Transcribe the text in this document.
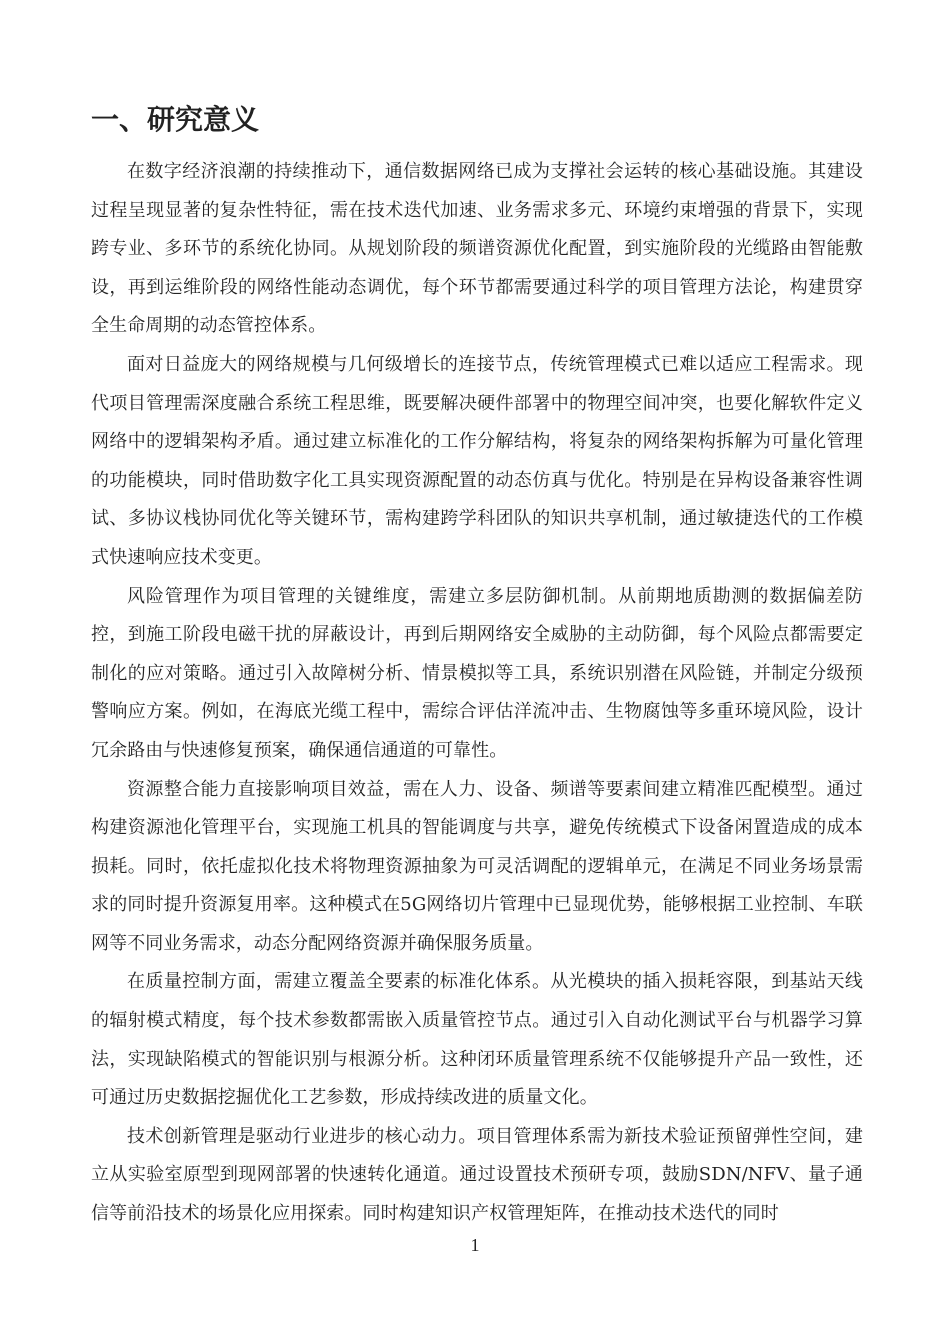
一、研究意义

在数字经济浪潮的持续推动下，通信数据网络已成为支撑社会运转的核心基础设施。其建设过程呈现显著的复杂性特征，需在技术迭代加速、业务需求多元、环境约束增强的背景下，实现跨专业、多环节的系统化协同。从规划阶段的频谱资源优化配置，到实施阶段的光缆路由智能敷设，再到运维阶段的网络性能动态调优，每个环节都需要通过科学的项目管理方法论，构建贯穿全生命周期的动态管控体系。

面对日益庞大的网络规模与几何级增长的连接节点，传统管理模式已难以适应工程需求。现代项目管理需深度融合系统工程思维，既要解决硬件部署中的物理空间冲突，也要化解软件定义网络中的逻辑架构矛盾。通过建立标准化的工作分解结构，将复杂的网络架构拆解为可量化管理的功能模块，同时借助数字化工具实现资源配置的动态仿真与优化。特别是在异构设备兼容性调试、多协议栈协同优化等关键环节，需构建跨学科团队的知识共享机制，通过敏捷迭代的工作模式快速响应技术变更。

风险管理作为项目管理的关键维度，需建立多层防御机制。从前期地质勘测的数据偏差防控，到施工阶段电磁干扰的屏蔽设计，再到后期网络安全威胁的主动防御，每个风险点都需要定制化的应对策略。通过引入故障树分析、情景模拟等工具，系统识别潜在风险链，并制定分级预警响应方案。例如，在海底光缆工程中，需综合评估洋流冲击、生物腐蚀等多重环境风险，设计冗余路由与快速修复预案，确保通信通道的可靠性。

资源整合能力直接影响项目效益，需在人力、设备、频谱等要素间建立精准匹配模型。通过构建资源池化管理平台，实现施工机具的智能调度与共享，避免传统模式下设备闲置造成的成本损耗。同时，依托虚拟化技术将物理资源抽象为可灵活调配的逻辑单元，在满足不同业务场景需求的同时提升资源复用率。这种模式在5G网络切片管理中已显现优势，能够根据工业控制、车联网等不同业务需求，动态分配网络资源并确保服务质量。

在质量控制方面，需建立覆盖全要素的标准化体系。从光模块的插入损耗容限，到基站天线的辐射模式精度，每个技术参数都需嵌入质量管控节点。通过引入自动化测试平台与机器学习算法，实现缺陷模式的智能识别与根源分析。这种闭环质量管理系统不仅能够提升产品一致性，还可通过历史数据挖掘优化工艺参数，形成持续改进的质量文化。

技术创新管理是驱动行业进步的核心动力。项目管理体系需为新技术验证预留弹性空间，建立从实验室原型到现网部署的快速转化通道。通过设置技术预研专项，鼓励SDN/NFV、量子通信等前沿技术的场景化应用探索。同时构建知识产权管理矩阵，在推动技术迭代的同时

1
